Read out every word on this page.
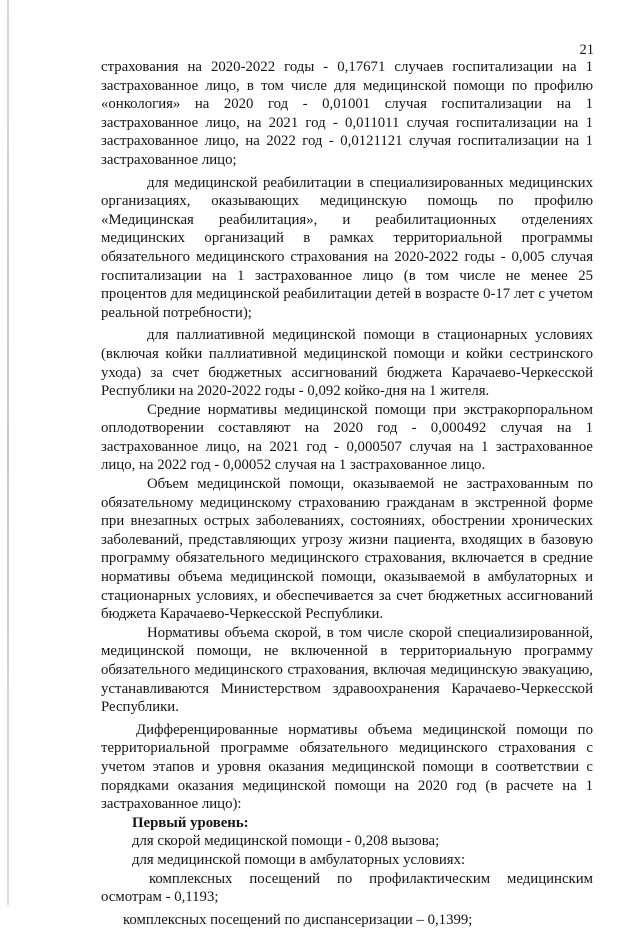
21

страхования на 2020-2022 годы - 0,17671 случаев госпитализации на 1 застрахованное лицо, в том числе для медицинской помощи по профилю «онкология» на 2020 год - 0,01001 случая госпитализации на 1 застрахованное лицо, на 2021 год - 0,011011 случая госпитализации на 1 застрахованное лицо, на 2022 год - 0,0121121 случая госпитализации на 1 застрахованное лицо;

для медицинской реабилитации в специализированных медицинских организациях, оказывающих медицинскую помощь по профилю «Медицинская реабилитация», и реабилитационных отделениях медицинских организаций в рамках территориальной программы обязательного медицинского страхования на 2020-2022 годы - 0,005 случая госпитализации на 1 застрахованное лицо (в том числе не менее 25 процентов для медицинской реабилитации детей в возрасте 0-17 лет с учетом реальной потребности);

для паллиативной медицинской помощи в стационарных условиях (включая койки паллиативной медицинской помощи и койки сестринского ухода) за счет бюджетных ассигнований бюджета Карачаево-Черкесской Республики на 2020-2022 годы - 0,092 койко-дня на 1 жителя.

Средние нормативы медицинской помощи при экстракорпоральном оплодотворении составляют на 2020 год - 0,000492 случая на 1 застрахованное лицо, на 2021 год - 0,000507 случая на 1 застрахованное лицо, на 2022 год - 0,00052 случая на 1 застрахованное лицо.

Объем медицинской помощи, оказываемой не застрахованным по обязательному медицинскому страхованию гражданам в экстренной форме при внезапных острых заболеваниях, состояниях, обострении хронических заболеваний, представляющих угрозу жизни пациента, входящих в базовую программу обязательного медицинского страхования, включается в средние нормативы объема медицинской помощи, оказываемой в амбулаторных и стационарных условиях, и обеспечивается за счет бюджетных ассигнований бюджета Карачаево-Черкесской Республики.

Нормативы объема скорой, в том числе скорой специализированной, медицинской помощи, не включенной в территориальную программу обязательного медицинского страхования, включая медицинскую эвакуацию, устанавливаются Министерством здравоохранения Карачаево-Черкесской Республики.

Дифференцированные нормативы объема медицинской помощи по территориальной программе обязательного медицинского страхования с учетом этапов и уровня оказания медицинской помощи в соответствии с порядками оказания медицинской помощи на 2020 год (в расчете на 1 застрахованное лицо):

Первый уровень:

для скорой медицинской помощи - 0,208 вызова;

для медицинской помощи в амбулаторных условиях:

комплексных посещений по профилактическим медицинским осмотрам - 0,1193;

комплексных посещений по диспансеризации – 0,1399;
